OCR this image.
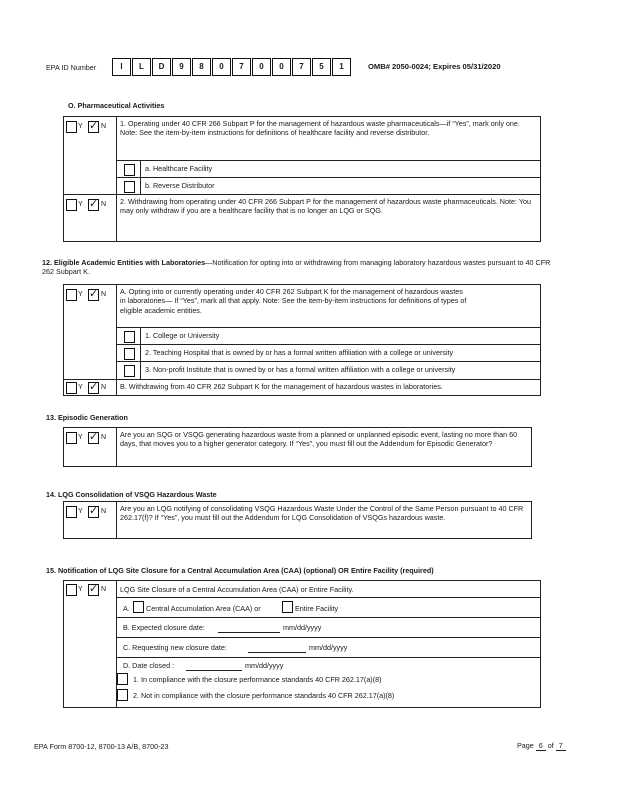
EPA ID Number	I	L	D	9	8	0	7	0	0	7	5	1	OMB# 2050-0024; Expires 05/31/2020
O. Pharmaceutical Activities
Y ✓	N 1. Operating under 40 CFR 266 Subpart P for the management of hazardous waste pharmaceuticals—if “Yes”, mark only one. Note: See the item-by-item instructions for definitions of healthcare facility and reverse distributor.
a. Healthcare Facility
b. Reverse Distributor
Y ✓	N 2. Withdrawing from operating under 40 CFR 266 Subpart P for the management of hazardous waste pharmaceuticals. Note: You may only withdraw if you are a healthcare facility that is no longer an LQG or SQG.
12. Eligible Academic Entities with Laboratories—Notification for opting into or withdrawing from managing laboratory hazardous wastes pursuant to 40 CFR 262 Subpart K.
Y ✓	N A. Opting into or currently operating under 40 CFR 262 Subpart K for the management of hazardous wastes in laboratories— If “Yes”, mark all that apply. Note: See the item-by-item instructions for definitions of types of eligible academic entities.
1. College or University
2. Teaching Hospital that is owned by or has a formal written affiliation with a college or university
3. Non-profit Institute that is owned by or has a formal written affiliation with a college or university
Y ✓	N B. Withdrawing from 40 CFR 262 Subpart K for the management of hazardous wastes in laboratories.
13. Episodic Generation
Y ✓	N Are you an SQG or VSQG generating hazardous waste from a planned or unplanned episodic event, lasting no more than 60 days, that moves you to a higher generator category. If “Yes”, you must fill out the Addendum for Episodic Generator?
14. LQG Consolidation of VSQG Hazardous Waste
Y ✓	N Are you an LQG notifying of consolidating VSQG Hazardous Waste Under the Control of the Same Person pursuant to 40 CFR 262.17(f)? If “Yes”, you must fill out the Addendum for LQG Consolidation of VSQGs hazardous waste.
15. Notification of LQG Site Closure for a Central Accumulation Area (CAA) (optional) OR Entire Facility (required)
Y ✓	N LQG Site Closure of a Central Accumulation Area (CAA) or Entire Facility.
A. Central Accumulation Area (CAA) or	Entire Facility
B. Expected closure date:	mm/dd/yyyy
C. Requesting new closure date:	mm/dd/yyyy
D. Date closed :	mm/dd/yyyy
1. In compliance with the closure performance standards 40 CFR 262.17(a)(8)
2. Not in compliance with the closure performance standards 40 CFR 262.17(a)(8)
EPA Form 8700-12, 8700-13 A/B, 8700-23	Page 6 of 7
